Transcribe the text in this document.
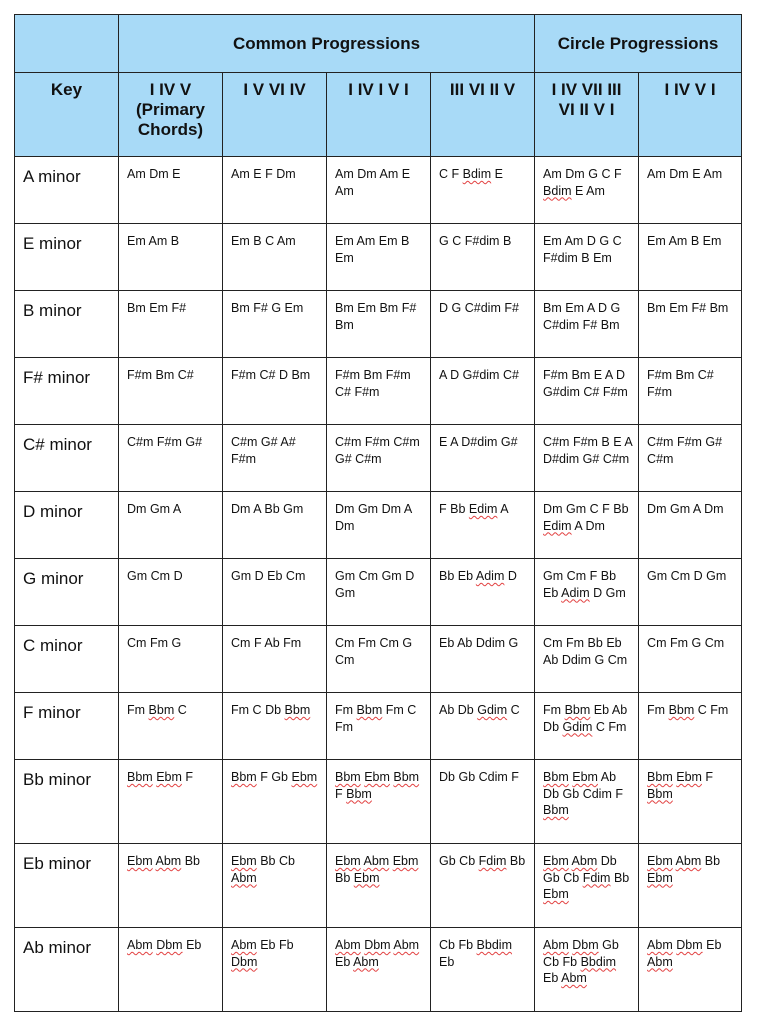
	Common Progressions				Circle Progressions	
Key	I IV V (Primary Chords)	I V VI IV	I IV I V I	III VI II V	I IV VII III VI II V I	I IV V I
A minor	Am Dm E	Am E F Dm	Am Dm Am E Am	C F Bdim E	Am Dm G C F Bdim E Am	Am Dm E Am
E minor	Em Am B	Em B C Am	Em Am Em B Em	G C F#dim B	Em Am D G C F#dim B Em	Em Am B Em
B minor	Bm Em F#	Bm F# G Em	Bm Em Bm F# Bm	D G C#dim F#	Bm Em A D G C#dim F# Bm	Bm Em F# Bm
F# minor	F#m Bm C#	F#m C# D Bm	F#m Bm F#m C# F#m	A D G#dim C#	F#m Bm E A D G#dim C# F#m	F#m Bm C# F#m
C# minor	C#m F#m G#	C#m G# A# F#m	C#m F#m C#m G# C#m	E A D#dim G#	C#m F#m B E A D#dim G# C#m	C#m F#m G# C#m
D minor	Dm Gm A	Dm A Bb Gm	Dm Gm Dm A Dm	F Bb Edim A	Dm Gm C F Bb Edim A Dm	Dm Gm A Dm
G minor	Gm Cm D	Gm D Eb Cm	Gm Cm Gm D Gm	Bb Eb Adim D	Gm Cm F Bb Eb Adim D Gm	Gm Cm D Gm
C minor	Cm Fm G	Cm F Ab Fm	Cm Fm Cm G Cm	Eb Ab Ddim G	Cm Fm Bb Eb Ab Ddim G Cm	Cm Fm G Cm
F minor	Fm Bbm C	Fm C Db Bbm	Fm Bbm Fm C Fm	Ab Db Gdim C	Fm Bbm Eb Ab Db Gdim C Fm	Fm Bbm C Fm
Bb minor	Bbm Ebm F	Bbm F Gb Ebm	Bbm Ebm Bbm F Bbm	Db Gb Cdim F	Bbm Ebm Ab Db Gb Cdim F Bbm	Bbm Ebm F Bbm
Eb minor	Ebm Abm Bb	Ebm Bb Cb Abm	Ebm Abm Ebm Bb Ebm	Gb Cb Fdim Bb	Ebm Abm Db Gb Cb Fdim Bb Ebm	Ebm Abm Bb Ebm
Ab minor	Abm Dbm Eb	Abm Eb Fb Dbm	Abm Dbm Abm Eb Abm	Cb Fb Bbdim Eb	Abm Dbm Gb Cb Fb Bbdim Eb Abm	Abm Dbm Eb Abm
